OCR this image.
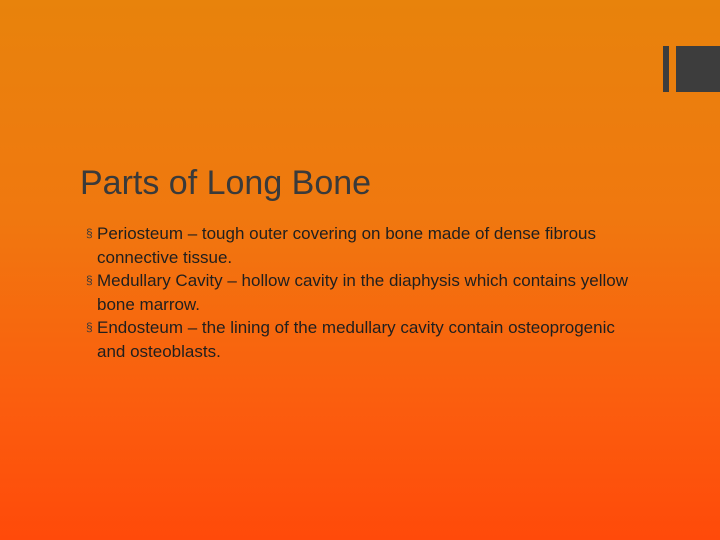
Parts of Long Bone
§ Periosteum – tough outer covering on bone made of dense fibrous connective tissue.
§ Medullary Cavity – hollow cavity in the diaphysis which contains yellow bone marrow.
§ Endosteum – the lining of the medullary cavity contain osteoprogenic and osteoblasts.
